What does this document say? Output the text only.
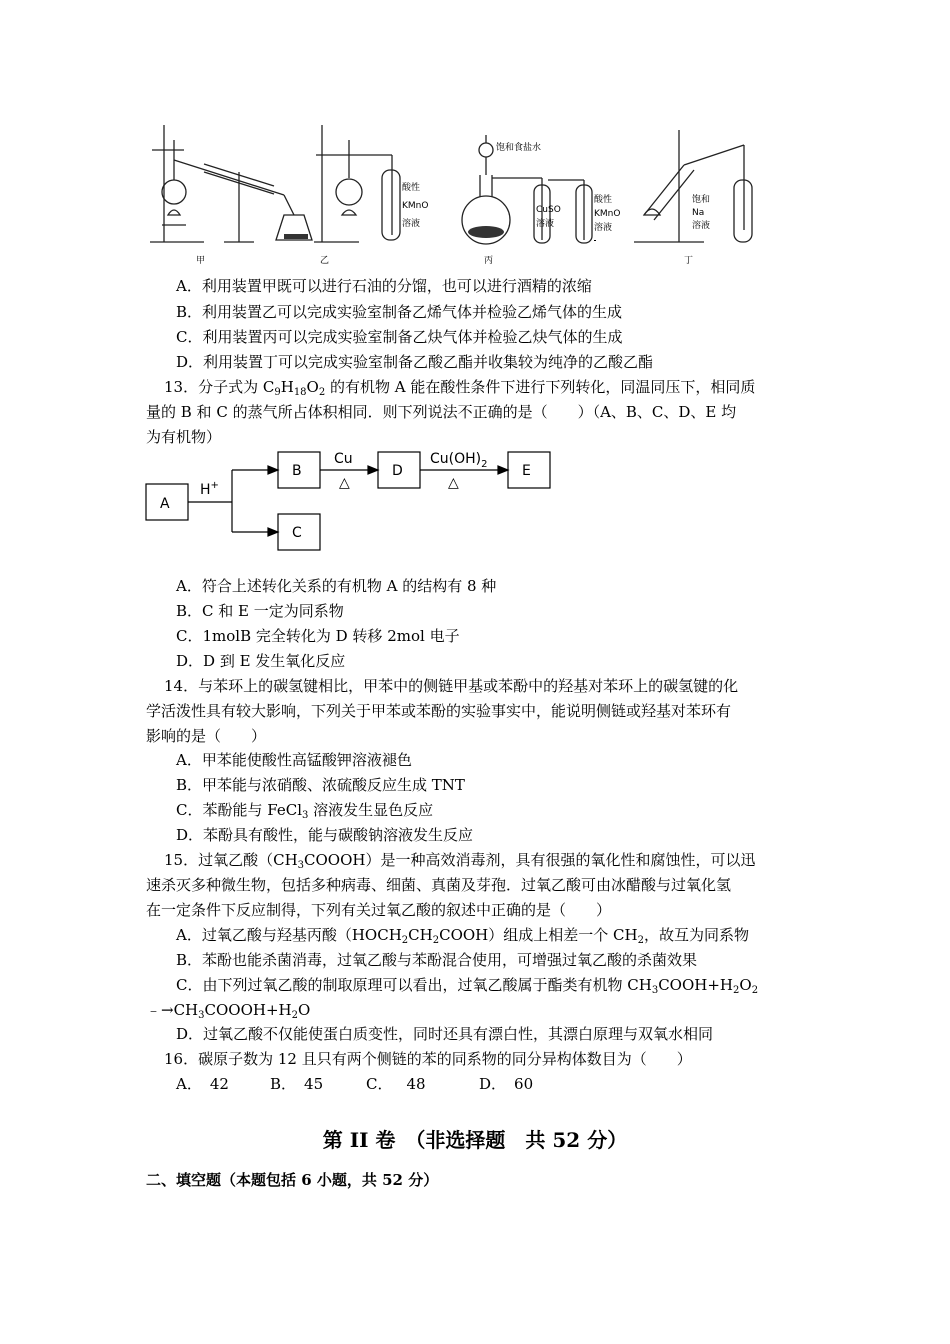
甲	乙	丙	丁
酸性
KMnO
溶液
饱和食盐水
CuSO
溶液
酸性
KMnO
溶液
饱和
Na
溶液
A．利用装置甲既可以进行石油的分馏，也可以进行酒精的浓缩
B．利用装置乙可以完成实验室制备乙烯气体并检验乙烯气体的生成
C．利用装置丙可以完成实验室制备乙炔气体并检验乙炔气体的生成
D．利用装置丁可以完成实验室制备乙酸乙酯并收集较为纯净的乙酸乙酯
13．分子式为 $C_9H_{18}O_2$ 的有机物 A 能在酸性条件下进行下列转化，同温同压下，相同质
量的 B 和 C 的蒸气所占体积相同．则下列说法不正确的是（　　）（A、B、C、D、E 均
为有机物）
A
B	D	E
C
H+
Cu
△
$Cu(OH)_2$
△
A．符合上述转化关系的有机物 A 的结构有 8 种
B．C 和 E 一定为同系物
C．1molB 完全转化为 D 转移 2mol 电子
D．D 到 E 发生氧化反应
14．与苯环上的碳氢键相比，甲苯中的侧链甲基或苯酚中的羟基对苯环上的碳氢键的化
学活泼性具有较大影响，下列关于甲苯或苯酚的实验事实中，能说明侧链或羟基对苯环有
影响的是（　　）
A．甲苯能使酸性高锰酸钾溶液褪色
B．甲苯能与浓硝酸、浓硫酸反应生成 TNT
C．苯酚能与 FeCl$_3$ 溶液发生显色反应
D．苯酚具有酸性，能与碳酸钠溶液发生反应
15．过氧乙酸$(CH_3COOOH)$是一种高效消毒剂，具有很强的氧化性和腐蚀性，可以迅
速杀灭多种微生物，包括多种病毒、细菌、真菌及芽孢．过氧乙酸可由冰醋酸与过氧化氢
在一定条件下反应制得，下列有关过氧乙酸的叙述中正确的是（　　）
A．过氧乙酸与羟基丙酸$(HOCH_2CH_2COOH)$组成上相差一个 $CH_2$，故互为同系物
B．苯酚也能杀菌消毒，过氧乙酸与苯酚混合使用，可增强过氧乙酸的杀菌效果
C．由下列过氧乙酸的制取原理可以看出，过氧乙酸属于酯类有机物 $CH_3COOH+H_2O_2$
$﹣\to CH_3COOOH+H_2O$
D．过氧乙酸不仅能使蛋白质变性，同时还具有漂白性，其漂白原理与双氧水相同
16．碳原子数为 12 且只有两个侧链的苯的同系物的同分异构体数目为（　　）
A． 42	B． 45	C． 48	D． 60
第 II 卷　（非选择题　共 52 分）
二、填空题（本题包括 6 小题，共 52 分）
